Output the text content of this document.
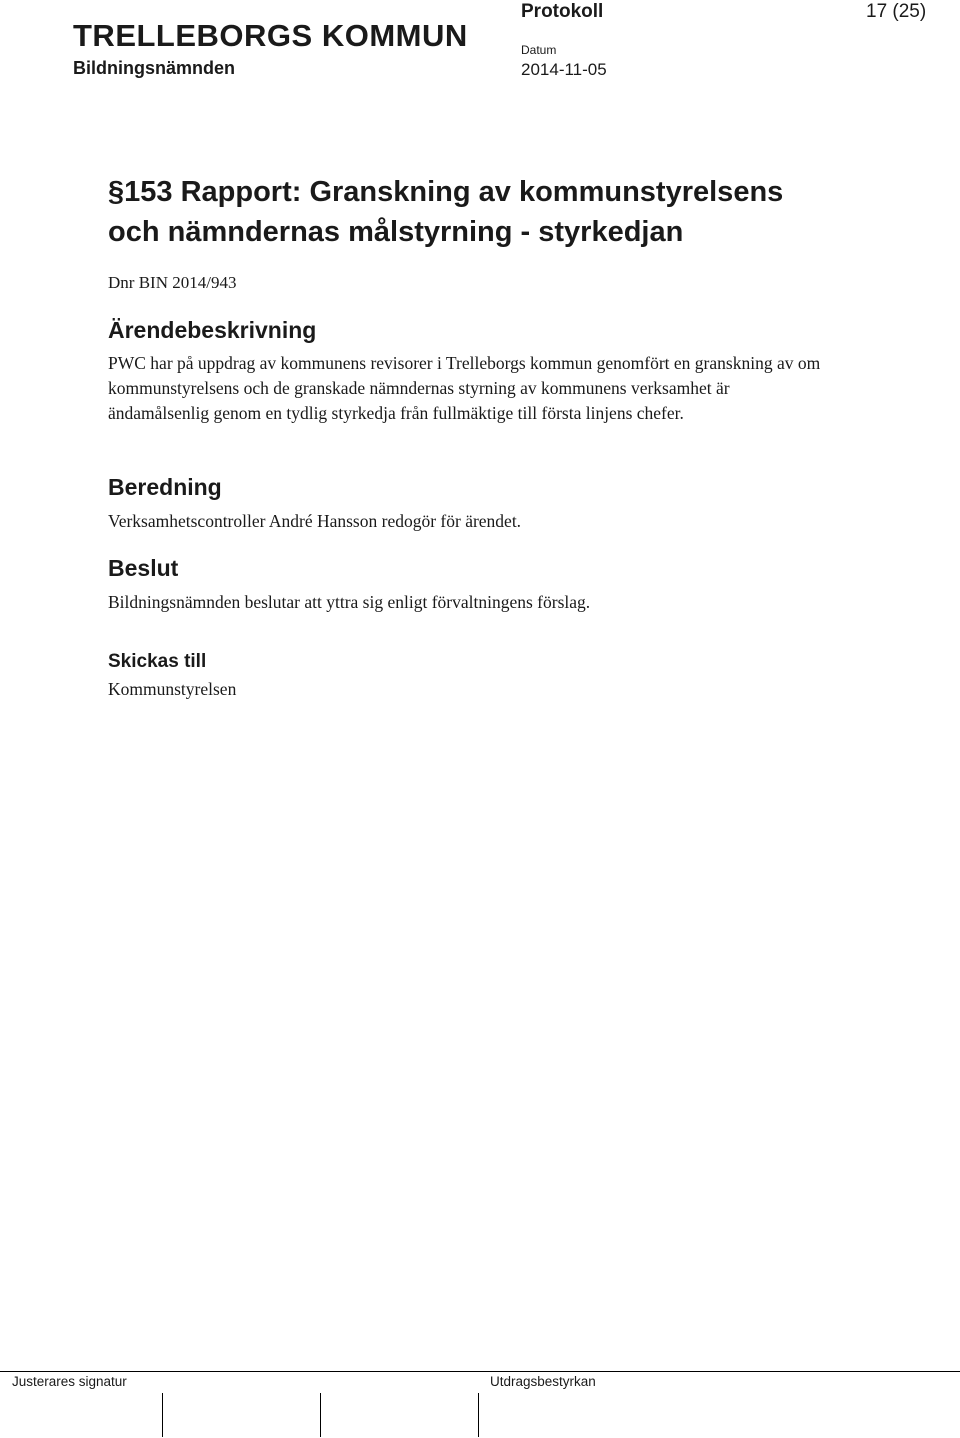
TRELLEBORGS KOMMUN
Bildningsnämnden
Protokoll
Datum
2014-11-05
17 (25)
§153 Rapport: Granskning av kommunstyrelsens
och nämndernas målstyrning - styrkedjan
Dnr BIN 2014/943
Ärendebeskrivning
PWC har på uppdrag av kommunens revisorer i Trelleborgs kommun genomfört en granskning av om kommunstyrelsens och de granskade nämndernas styrning av kommunens verksamhet är ändamålsenlig genom en tydlig styrkedja från fullmäktige till första linjens chefer.
Beredning
Verksamhetscontroller André Hansson redogör för ärendet.
Beslut
Bildningsnämnden beslutar att yttra sig enligt förvaltningens förslag.
Skickas till
Kommunstyrelsen
Justerares signatur	Utdragsbestyrkan
